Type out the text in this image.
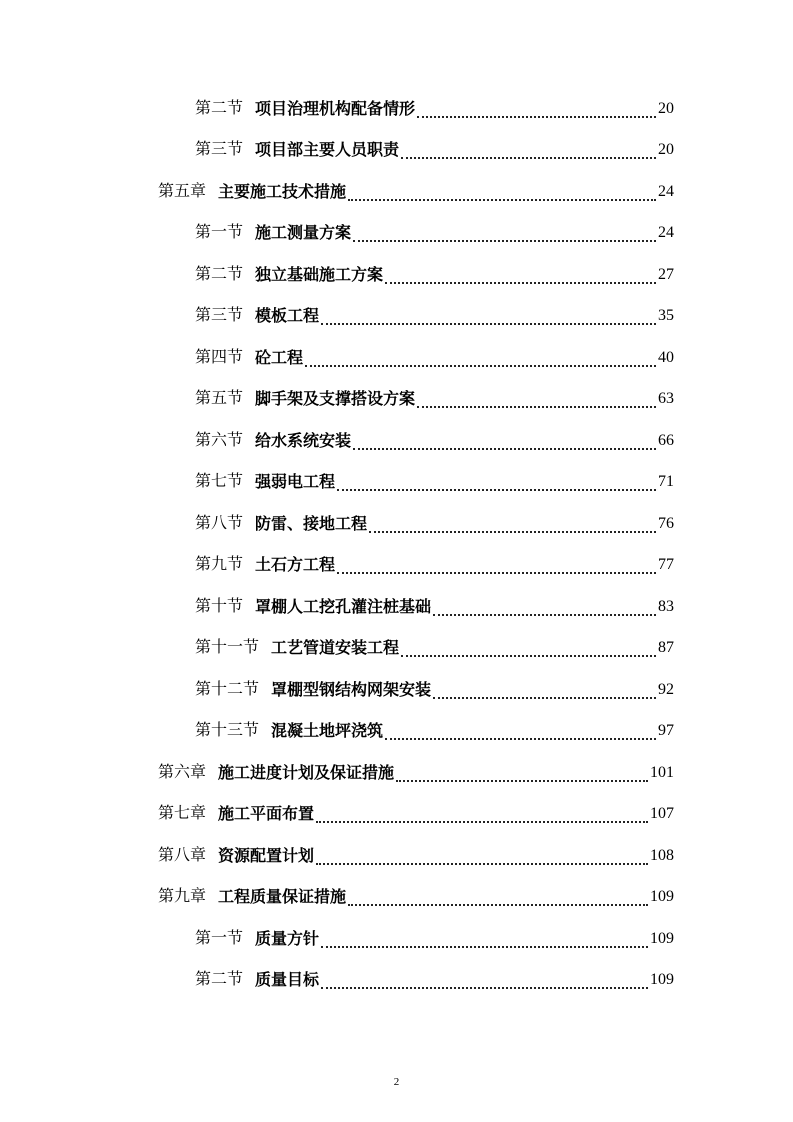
第二节 项目治理机构配备情形	20
第三节 项目部主要人员职责	20
第五章 主要施工技术措施	24
第一节 施工测量方案	24
第二节 独立基础施工方案	27
第三节 模板工程	35
第四节 砼工程	40
第五节 脚手架及支撑搭设方案	63
第六节 给水系统安装	66
第七节 强弱电工程	71
第八节 防雷、接地工程	76
第九节 土石方工程	77
第十节 罩棚人工挖孔灌注桩基础	83
第十一节 工艺管道安装工程	87
第十二节 罩棚型钢结构网架安装	92
第十三节 混凝土地坪浇筑	97
第六章 施工进度计划及保证措施	101
第七章 施工平面布置	107
第八章 资源配置计划	108
第九章 工程质量保证措施	109
第一节 质量方针	109
第二节 质量目标	109
2
